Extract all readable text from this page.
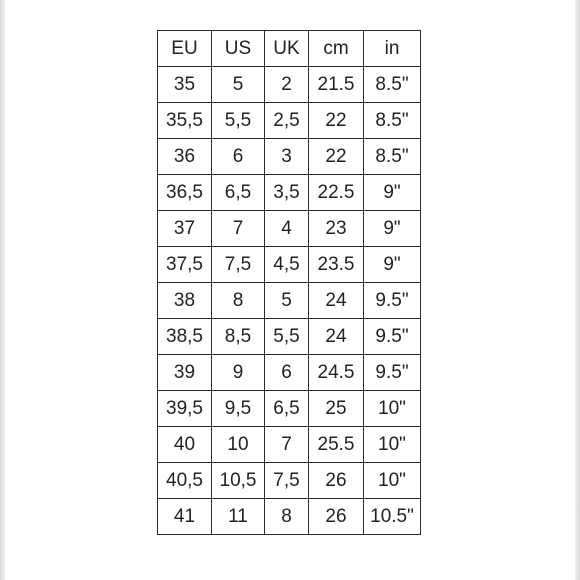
EU	US	UK	cm	in
35	5	2	21.5	8.5"
35,5	5,5	2,5	22	8.5"
36	6	3	22	8.5"
36,5	6,5	3,5	22.5	9"
37	7	4	23	9"
37,5	7,5	4,5	23.5	9"
38	8	5	24	9.5"
38,5	8,5	5,5	24	9.5"
39	9	6	24.5	9.5"
39,5	9,5	6,5	25	10"
40	10	7	25.5	10"
40,5	10,5	7,5	26	10"
41	11	8	26	10.5"
